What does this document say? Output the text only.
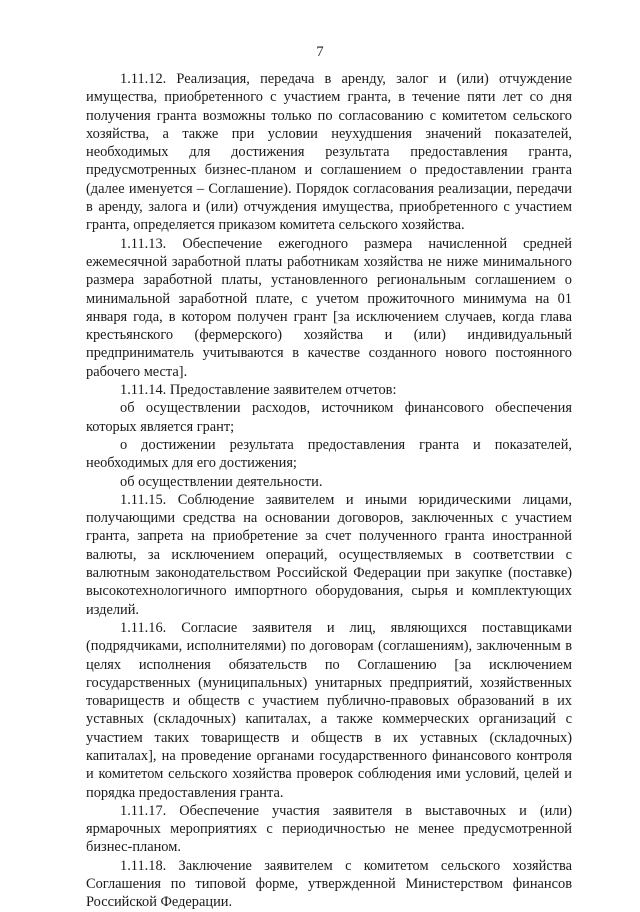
7

1.11.12. Реализация, передача в аренду, залог и (или) отчуждение имущества, приобретенного с участием гранта, в течение пяти лет со дня получения гранта возможны только по согласованию с комитетом сельского хозяйства, а также при условии неухудшения значений показателей, необходимых для достижения результата предоставления гранта, предусмотренных бизнес-планом и соглашением о предоставлении гранта (далее именуется – Соглашение). Порядок согласования реализации, передачи в аренду, залога и (или) отчуждения имущества, приобретенного с участием гранта, определяется приказом комитета сельского хозяйства.

1.11.13. Обеспечение ежегодного размера начисленной средней ежемесячной заработной платы работникам хозяйства не ниже минимального размера заработной платы, установленного региональным соглашением о минимальной заработной плате, с учетом прожиточного минимума на 01 января года, в котором получен грант [за исключением случаев, когда глава крестьянского (фермерского) хозяйства и (или) индивидуальный предприниматель учитываются в качестве созданного нового постоянного рабочего места].

1.11.14. Предоставление заявителем отчетов:

об осуществлении расходов, источником финансового обеспечения которых является грант;

о достижении результата предоставления гранта и показателей, необходимых для его достижения;

об осуществлении деятельности.

1.11.15. Соблюдение заявителем и иными юридическими лицами, получающими средства на основании договоров, заключенных с участием гранта, запрета на приобретение за счет полученного гранта иностранной валюты, за исключением операций, осуществляемых в соответствии с валютным законодательством Российской Федерации при закупке (поставке) высокотехнологичного импортного оборудования, сырья и комплектующих изделий.

1.11.16. Согласие заявителя и лиц, являющихся поставщиками (подрядчиками, исполнителями) по договорам (соглашениям), заключенным в целях исполнения обязательств по Соглашению [за исключением государственных (муниципальных) унитарных предприятий, хозяйственных товариществ и обществ с участием публично-правовых образований в их уставных (складочных) капиталах, а также коммерческих организаций с участием таких товариществ и обществ в их уставных (складочных) капиталах], на проведение органами государственного финансового контроля и комитетом сельского хозяйства проверок соблюдения ими условий, целей и порядка предоставления гранта.

1.11.17. Обеспечение участия заявителя в выставочных и (или) ярмарочных мероприятиях с периодичностью не менее предусмотренной бизнес-планом.

1.11.18. Заключение заявителем с комитетом сельского хозяйства Соглашения по типовой форме, утвержденной Министерством финансов Российской Федерации.
